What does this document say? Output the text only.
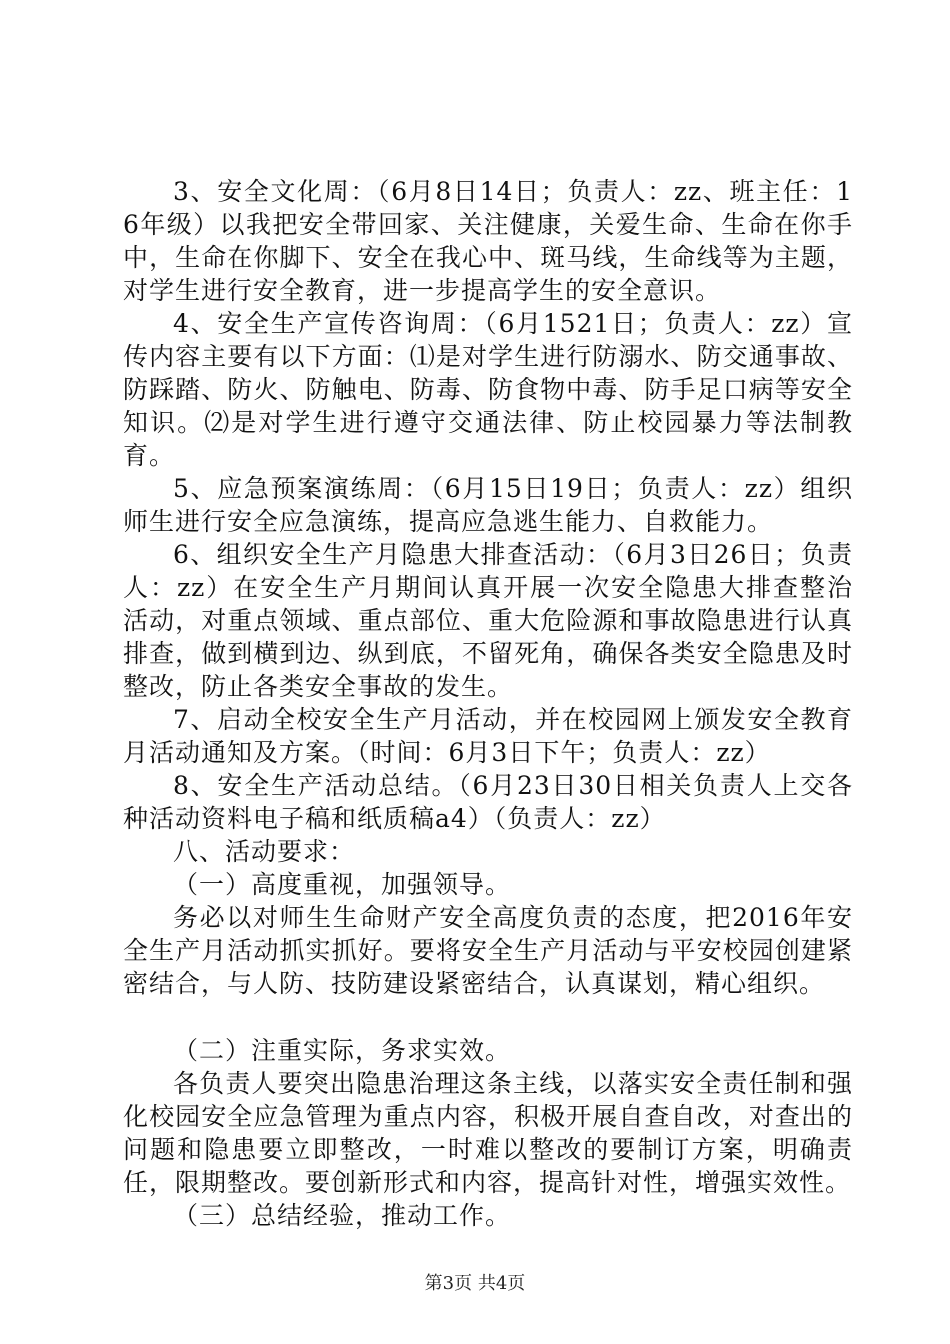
3、安全文化周：（6月8日14日；负责人：zz、班主任：16年级）以我把安全带回家、关注健康，关爱生命、生命在你手中，生命在你脚下、安全在我心中、斑马线，生命线等为主题，对学生进行安全教育，进一步提高学生的安全意识。

4、安全生产宣传咨询周：（6月1521日；负责人：zz）宣传内容主要有以下方面：⑴是对学生进行防溺水、防交通事故、防踩踏、防火、防触电、防毒、防食物中毒、防手足口病等安全知识。⑵是对学生进行遵守交通法律、防止校园暴力等法制教育。

5、应急预案演练周：（6月15日19日；负责人：zz）组织师生进行安全应急演练，提高应急逃生能力、自救能力。

6、组织安全生产月隐患大排查活动：（6月3日26日；负责人：zz）在安全生产月期间认真开展一次安全隐患大排查整治活动，对重点领域、重点部位、重大危险源和事故隐患进行认真排查，做到横到边、纵到底，不留死角，确保各类安全隐患及时整改，防止各类安全事故的发生。

7、启动全校安全生产月活动，并在校园网上颁发安全教育月活动通知及方案。（时间：6月3日下午；负责人：zz）

8、安全生产活动总结。（6月23日30日相关负责人上交各种活动资料电子稿和纸质稿a4）（负责人：zz）

八、活动要求：

（一）高度重视，加强领导。

务必以对师生生命财产安全高度负责的态度，把2016年安全生产月活动抓实抓好。要将安全生产月活动与平安校园创建紧密结合，与人防、技防建设紧密结合，认真谋划，精心组织。

（二）注重实际，务求实效。

各负责人要突出隐患治理这条主线，以落实安全责任制和强化校园安全应急管理为重点内容，积极开展自查自改，对查出的问题和隐患要立即整改，一时难以整改的要制订方案，明确责任，限期整改。要创新形式和内容，提高针对性，增强实效性。

（三）总结经验，推动工作。

第3页 共4页
